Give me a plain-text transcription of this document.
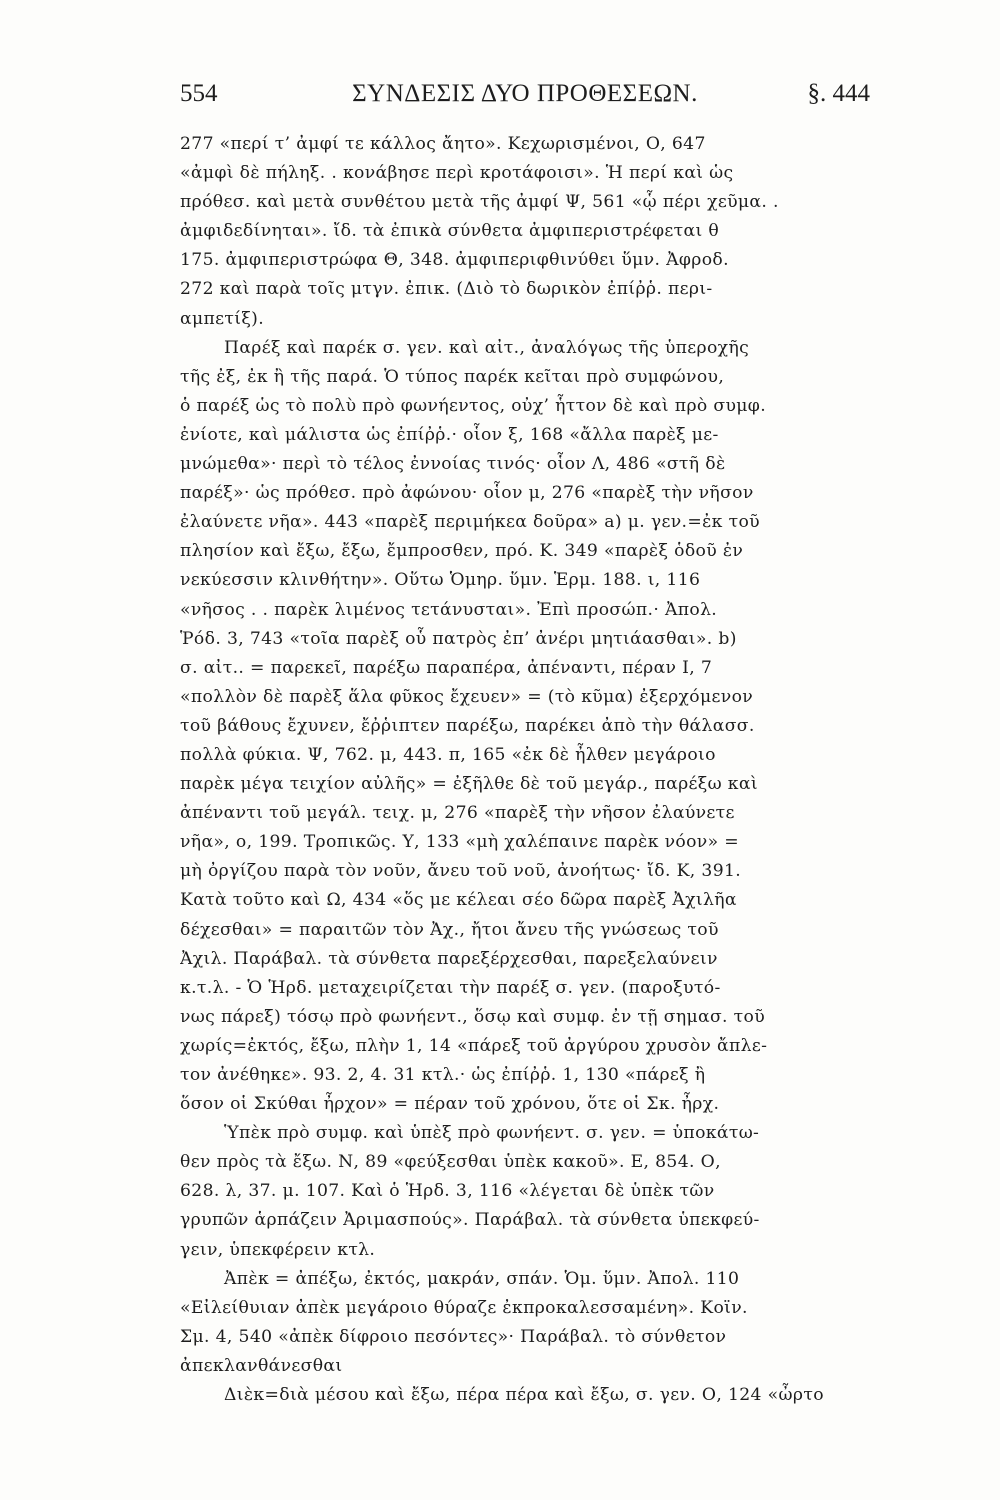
ΣΥΝΔΕΣΙΣ ΔΥΟ ΠΡΟΘΕΣΕΩΝ.
554	§. 444
277 «περί τ’ ἀμφί τε κάλλος ἄητο». Κεχωρισμένοι, Ο, 647
«ἀμφὶ δὲ πήληξ. . κονάβησε περὶ κροτάφοισι». Ἡ περί καὶ ὡς
πρόθεσ. καὶ μετὰ συνθέτου μετὰ τῆς ἀμφί Ψ, 561 «ᾧ πέρι χεῦμα. .
ἀμφιδεδίνηται». ἴδ. τὰ ἐπικὰ σύνθετα ἀμφιπεριστρέφεται θ
175. ἀμφιπεριστρώφα Θ, 348. ἀμφιπεριφθινύθει ὕμν. Ἀφροδ.
272 καὶ παρὰ τοῖς μτγν. ἐπικ. (Διὸ τὸ δωρικὸν ἐπίῤῥ. περι-
αμπετίξ).
Παρέξ καὶ παρέκ σ. γεν. καὶ αἰτ., ἀναλόγως τῆς ὑπεροχῆς
τῆς ἐξ, ἐκ ἢ τῆς παρά. Ὁ τύπος παρέκ κεῖται πρὸ συμφώνου,
ὁ παρέξ ὡς τὸ πολὺ πρὸ φωνήεντος, οὐχ’ ἧττον δὲ καὶ πρὸ συμφ.
ἐνίοτε, καὶ μάλιστα ὡς ἐπίῤῥ.· οἷον ξ, 168 «ἄλλα παρὲξ με-
μνώμεθα»· περὶ τὸ τέλος ἐννοίας τινός· οἷον Λ, 486 «στῆ δὲ
παρέξ»· ὡς πρόθεσ. πρὸ ἀφώνου· οἷον μ, 276 «παρὲξ τὴν νῆσον
ἐλαύνετε νῆα». 443 «παρὲξ περιμήκεα δοῦρα» a) μ. γεν.=ἐκ τοῦ
πλησίον καὶ ἔξω, ἔξω, ἔμπροσθεν, πρό. Κ. 349 «παρὲξ ὁδοῦ ἐν
νεκύεσσιν κλινθήτην». Οὕτω Ὁμηρ. ὕμν. Ἑρμ. 188. ι, 116
«νῆσος . . παρὲκ λιμένος τετάνυσται». Ἐπὶ προσώπ.· Ἀπολ.
Ῥόδ. 3, 743 «τοῖα παρὲξ οὗ πατρὸς ἐπ’ ἀνέρι μητιάασθαι». b)
σ. αἰτ.. = παρεκεῖ, παρέξω παραπέρα, ἀπέναντι, πέραν Ι, 7
«πολλὸν δὲ παρὲξ ἅλα φῦκος ἔχευεν» = (τὸ κῦμα) ἐξερχόμενον
τοῦ βάθους ἔχυνεν, ἔῤῥιπτεν παρέξω, παρέκει ἀπὸ τὴν θάλασσ.
πολλὰ φύκια. Ψ, 762. μ, 443. π, 165 «ἐκ δὲ ἦλθεν μεγάροιο
παρὲκ μέγα τειχίον αὐλῆς» = ἐξῆλθε δὲ τοῦ μεγάρ., παρέξω καὶ
ἀπέναντι τοῦ μεγάλ. τειχ. μ, 276 «παρὲξ τὴν νῆσον ἐλαύνετε
νῆα», ο, 199. Τροπικῶς. Υ, 133 «μὴ χαλέπαινε παρὲκ νόον» =
μὴ ὀργίζου παρὰ τὸν νοῦν, ἄνευ τοῦ νοῦ, ἀνοήτως· ἴδ. Κ, 391.
Κατὰ τοῦτο καὶ Ω, 434 «ὅς με κέλεαι σέο δῶρα παρὲξ Ἀχιλῆα
δέχεσθαι» = παραιτῶν τὸν Ἀχ., ἤτοι ἄνευ τῆς γνώσεως τοῦ
Ἀχιλ. Παράβαλ. τὰ σύνθετα παρεξέρχεσθαι, παρεξελαύνειν
κ.τ.λ. - Ὁ Ἡρδ. μεταχειρίζεται τὴν παρέξ σ. γεν. (παροξυτό-
νως πάρεξ) τόσῳ πρὸ φωνήεντ., ὅσῳ καὶ συμφ. ἐν τῇ σημασ. τοῦ
χωρίς=ἐκτός, ἔξω, πλὴν 1, 14 «πάρεξ τοῦ ἀργύρου χρυσὸν ἄπλε-
τον ἀνέθηκε». 93. 2, 4. 31 κτλ.· ὡς ἐπίῤῥ. 1, 130 «πάρεξ ἢ
ὅσον οἱ Σκύθαι ἦρχον» = πέραν τοῦ χρόνου, ὅτε οἱ Σκ. ἦρχ.
Ὑπὲκ πρὸ συμφ. καὶ ὑπὲξ πρὸ φωνήεντ. σ. γεν. = ὑποκάτω-
θεν πρὸς τὰ ἔξω. Ν, 89 «φεύξεσθαι ὑπὲκ κακοῦ». Ε, 854. Ο,
628. λ, 37. μ. 107. Καὶ ὁ Ἡρδ. 3, 116 «λέγεται δὲ ὑπὲκ τῶν
γρυπῶν ἁρπάζειν Ἀριμασπούς». Παράβαλ. τὰ σύνθετα ὑπεκφεύ-
γειν, ὑπεκφέρειν κτλ.
Ἀπὲκ = ἀπέξω, ἐκτός, μακράν, σπάν. Ὁμ. ὕμν. Ἀπολ. 110
«Εἰλείθυιαν ἀπὲκ μεγάροιο θύραζε ἐκπροκαλεσσαμένη». Κοϊν.
Σμ. 4, 540 «ἀπὲκ δίφροιο πεσόντες»· Παράβαλ. τὸ σύνθετον
ἀπεκλανθάνεσθαι
Διὲκ=διὰ μέσου καὶ ἔξω, πέρα πέρα καὶ ἔξω, σ. γεν. Ο, 124 «ὦρτο
